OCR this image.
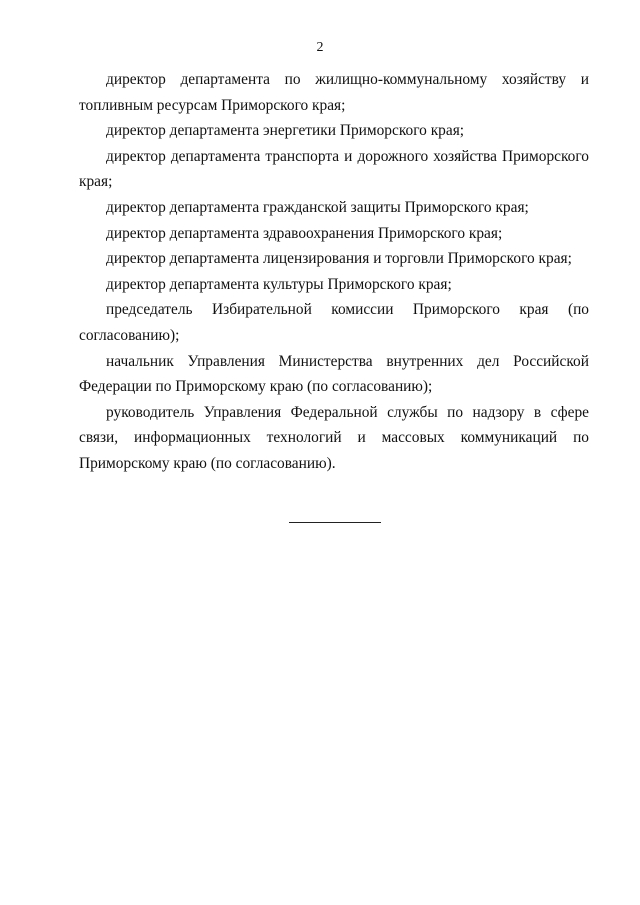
2

директор департамента по жилищно-коммунальному хозяйству и топливным ресурсам Приморского края;

директор департамента энергетики Приморского края;

директор департамента транспорта и дорожного хозяйства Приморского края;

директор департамента гражданской защиты Приморского края;

директор департамента здравоохранения Приморского края;

директор департамента лицензирования и торговли Приморского края;

директор департамента культуры Приморского края;

председатель Избирательной комиссии Приморского края (по согласованию);

начальник Управления Министерства внутренних дел Российской Федерации по Приморскому краю (по согласованию);

руководитель Управления Федеральной службы по надзору в сфере связи, информационных технологий и массовых коммуникаций по Приморскому краю (по согласованию).
